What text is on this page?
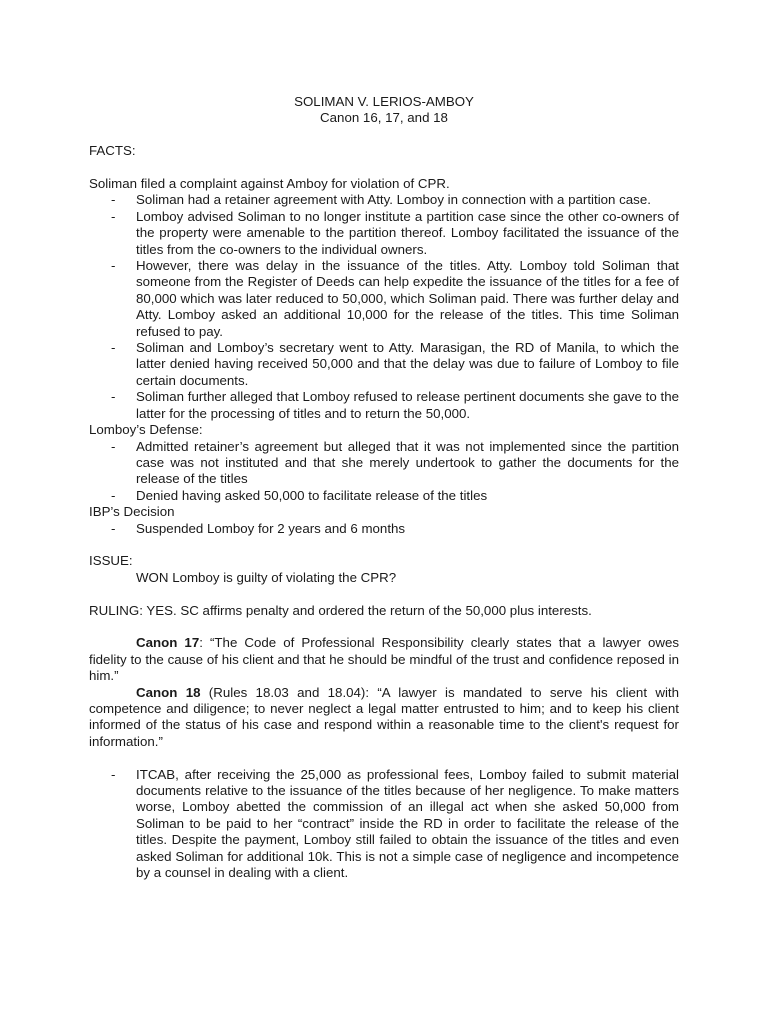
SOLIMAN V. LERIOS-AMBOY

Canon 16, 17, and 18

FACTS:
Soliman filed a complaint against Amboy for violation of CPR.
- Soliman had a retainer agreement with Atty. Lomboy in connection with a partition case.
- Lomboy advised Soliman to no longer institute a partition case since the other co-owners of the property were amenable to the partition thereof. Lomboy facilitated the issuance of the titles from the co-owners to the individual owners.
- However, there was delay in the issuance of the titles. Atty. Lomboy told Soliman that someone from the Register of Deeds can help expedite the issuance of the titles for a fee of 80,000 which was later reduced to 50,000, which Soliman paid. There was further delay and Atty. Lomboy asked an additional 10,000 for the release of the titles. This time Soliman refused to pay.
- Soliman and Lomboy’s secretary went to Atty. Marasigan, the RD of Manila, to which the latter denied having received 50,000 and that the delay was due to failure of Lomboy to file certain documents.
- Soliman further alleged that Lomboy refused to release pertinent documents she gave to the latter for the processing of titles and to return the 50,000.
Lomboy’s Defense:
- Admitted retainer’s agreement but alleged that it was not implemented since the partition case was not instituted and that she merely undertook to gather the documents for the release of the titles
- Denied having asked 50,000 to facilitate release of the titles
IBP’s Decision
- Suspended Lomboy for 2 years and 6 months
ISSUE:
WON Lomboy is guilty of violating the CPR?
RULING: YES. SC affirms penalty and ordered the return of the 50,000 plus interests.

Canon 17: “The Code of Professional Responsibility clearly states that a lawyer owes fidelity to the cause of his client and that he should be mindful of the trust and confidence reposed in him.”

Canon 18 (Rules 18.03 and 18.04): “A lawyer is mandated to serve his client with competence and diligence; to never neglect a legal matter entrusted to him; and to keep his client informed of the status of his case and respond within a reasonable time to the client's request for information.”

- ITCAB, after receiving the 25,000 as professional fees, Lomboy failed to submit material documents relative to the issuance of the titles because of her negligence. To make matters worse, Lomboy abetted the commission of an illegal act when she asked 50,000 from Soliman to be paid to her “contract” inside the RD in order to facilitate the release of the titles. Despite the payment, Lomboy still failed to obtain the issuance of the titles and even asked Soliman for additional 10k. This is not a simple case of negligence and incompetence by a counsel in dealing with a client.
